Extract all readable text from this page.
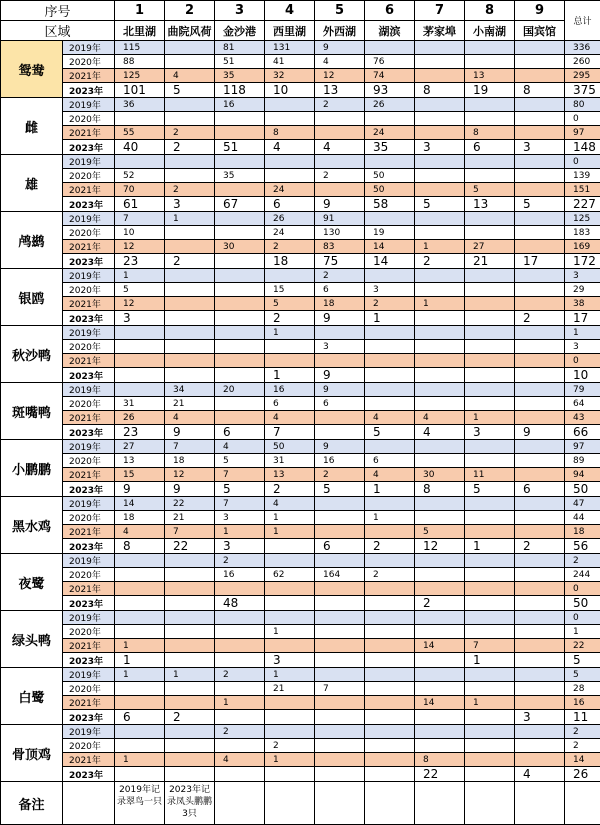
序号		1	2	3	4	5	6	7	8	9	总计
区域		北里湖	曲院风荷	金沙港	西里湖	外西湖	湖滨	茅家埠	小南湖	国宾馆	
鸳鸯	2019年	115		81	131	9					336
	2020年	88		51	41	4	76				260
	2021年	125	4	35	32	12	74		13		295
	2023年	101	5	118	10	13	93	8	19	8	375
雌	2019年	36		16		2	26				80
	2020年										0
	2021年	55	2		8		24		8		97
	2023年	40	2	51	4	4	35	3	6	3	148
雄	2019年										0
	2020年	52		35		2	50				139
	2021年	70	2		24		50		5		151
	2023年	61	3	67	6	9	58	5	13	5	227
鸬鹚	2019年	7	1		26	91					125
	2020年	10			24	130	19				183
	2021年	12		30	2	83	14	1	27		169
	2023年	23	2		18	75	14	2	21	17	172
银鸥	2019年	1				2					3
	2020年	5			15	6	3				29
	2021年	12			5	18	2	1			38
	2023年	3			2	9	1			2	17
秋沙鸭	2019年				1						1
	2020年					3					3
	2021年										0
	2023年				1	9					10
斑嘴鸭	2019年		34	20	16	9					79
	2020年	31	21		6	6					64
	2021年	26	4		4		4	4	1		43
	2023年	23	9	6	7		5	4	3	9	66
小鹏鹏	2019年	27	7	4	50	9					97
	2020年	13	18	5	31	16	6				89
	2021年	15	12	7	13	2	4	30	11		94
	2023年	9	9	5	2	5	1	8	5	6	50
黑水鸡	2019年	14	22	7	4						47
	2020年	18	21	3	1		1				44
	2021年	4	7	1	1			5			18
	2023年	8	22	3		6	2	12	1	2	56
夜鹭	2019年			2							2
	2020年			16	62	164	2				244
	2021年										0
	2023年			48				2			50
绿头鸭	2019年										0
	2020年				1						1
	2021年	1						14	7		22
	2023年	1			3				1		5
白鹭	2019年	1	1	2	1						5
	2020年				21	7					28
	2021年			1				14	1		16
	2023年	6	2							3	11
骨顶鸡	2019年			2							2
	2020年				2						2
	2021年	1		4	1			8			14
	2023年							22		4	26
备注		2019年记录翠鸟一只	2023年记录凤头鹏鹏3只								
